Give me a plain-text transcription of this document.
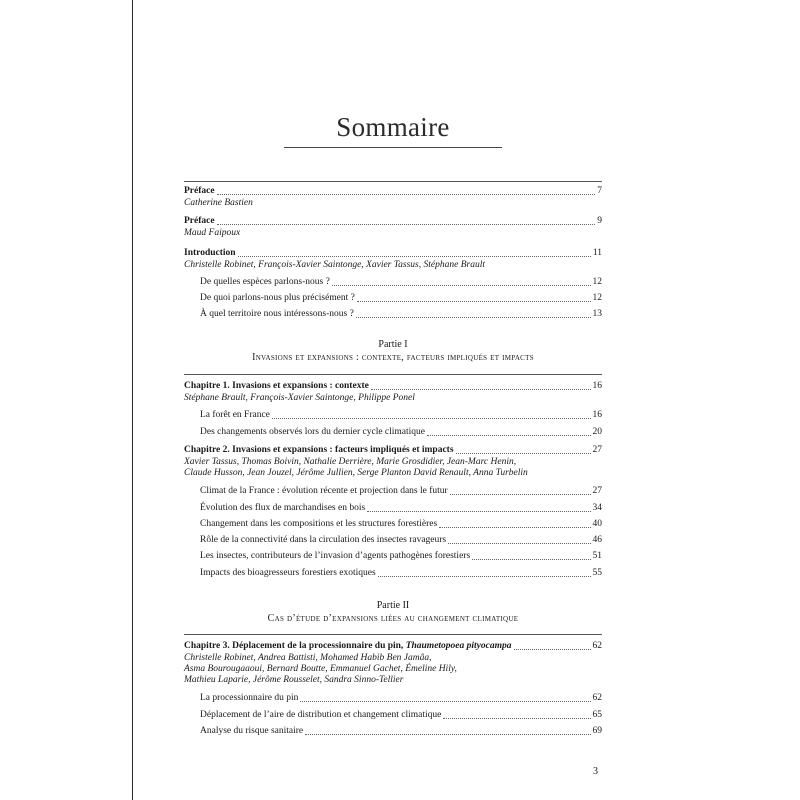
Sommaire
Préface	7
Catherine Bastien
Préface	9
Maud Faipoux
Introduction	11
Christelle Robinet, François-Xavier Saintonge, Xavier Tassus, Stéphane Brault
De quelles espèces parlons-nous ?	12
De quoi parlons-nous plus précisément ?	12
À quel territoire nous intéressons-nous ?	13
Partie I
Invasions et expansions : contexte, facteurs impliqués et impacts
Chapitre 1. Invasions et expansions : contexte	16
Stéphane Brault, François-Xavier Saintonge, Philippe Ponel
La forêt en France	16
Des changements observés lors du dernier cycle climatique	20
Chapitre 2. Invasions et expansions : facteurs impliqués et impacts	27
Xavier Tassus, Thomas Boivin, Nathalie Derrière, Marie Grosdidier, Jean-Marc Henin,
Claude Husson, Jean Jouzel, Jérôme Jullien, Serge Planton David Renault, Anna Turbelin
Climat de la France : évolution récente et projection dans le futur	27
Évolution des flux de marchandises en bois	34
Changement dans les compositions et les structures forestières	40
Rôle de la connectivité dans la circulation des insectes ravageurs	46
Les insectes, contributeurs de l’invasion d’agents pathogènes forestiers	51
Impacts des bioagresseurs forestiers exotiques	55
Partie II
Cas d’étude d’expansions liées au changement climatique
Chapitre 3. Déplacement de la processionnaire du pin, Thaumetopoea pityocampa	62
Christelle Robinet, Andrea Battisti, Mohamed Habib Ben Jamâa,
Asma Bourougaaoui, Bernard Boutte, Emmanuel Gachet, Émeline Hily,
Mathieu Laparie, Jérôme Rousselet, Sandra Sinno-Tellier
La processionnaire du pin	62
Déplacement de l’aire de distribution et changement climatique	65
Analyse du risque sanitaire	69
3
